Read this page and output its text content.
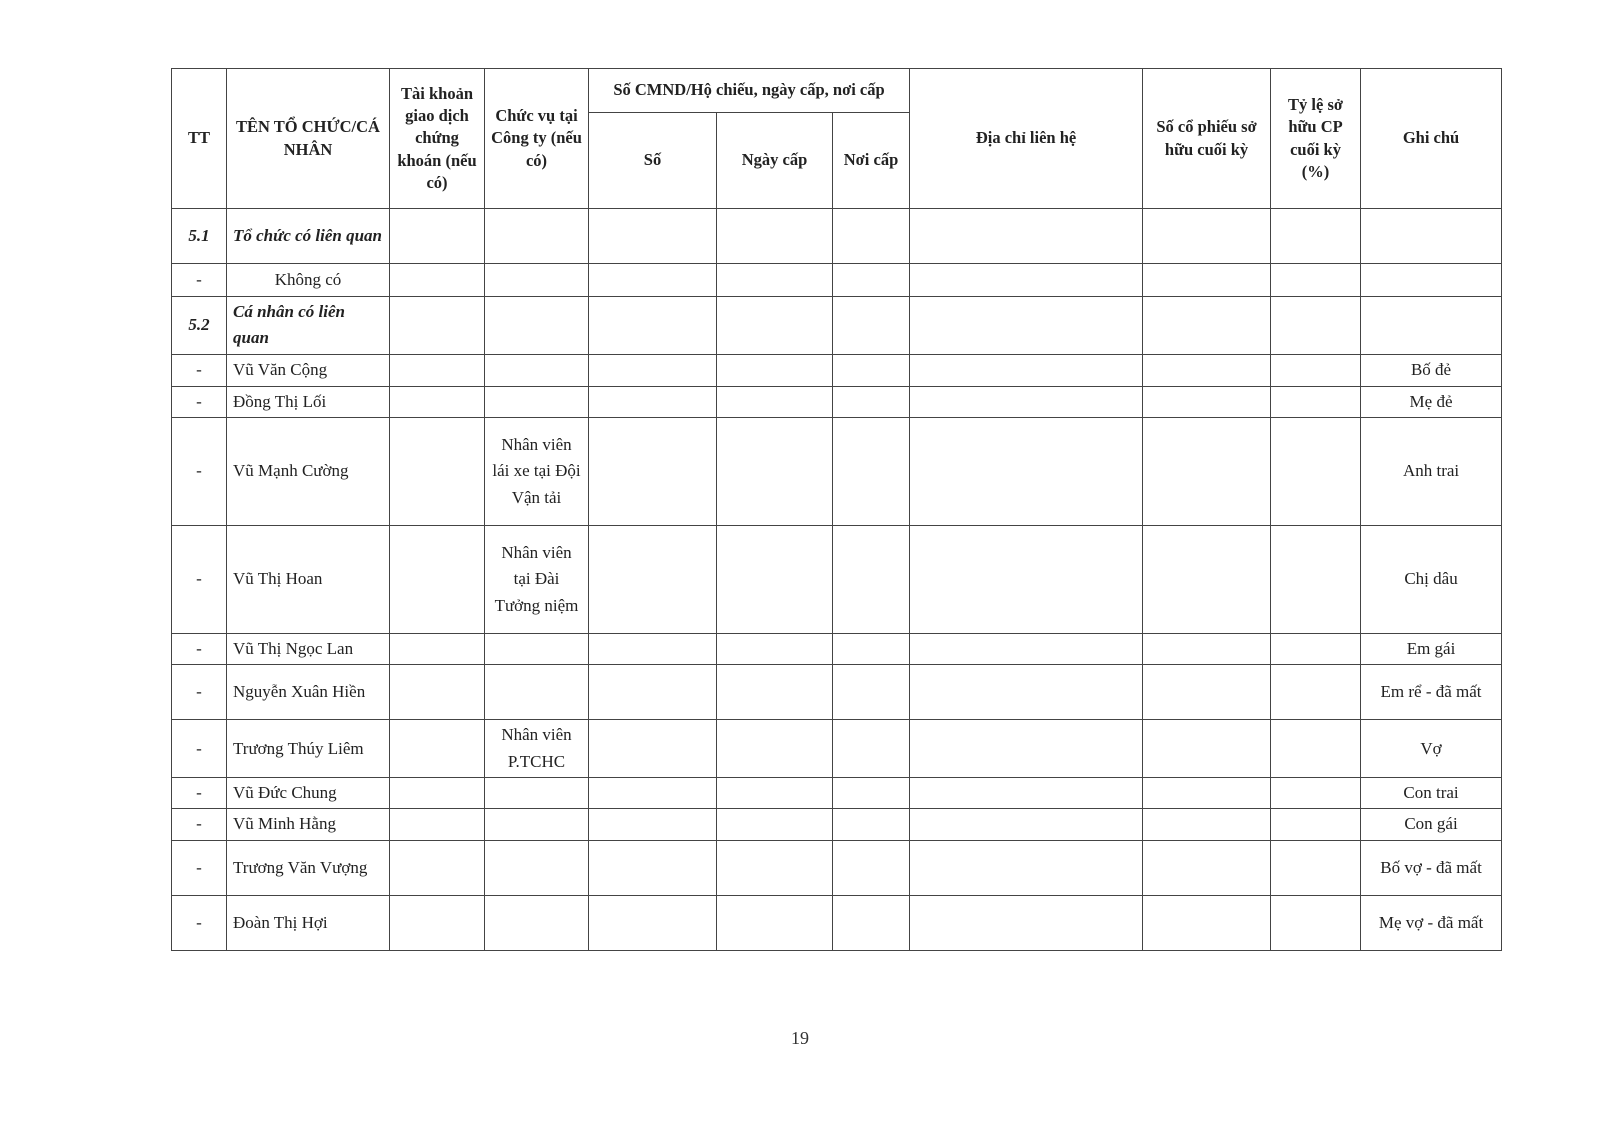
TT	TÊN TỔ CHỨC/CÁ NHÂN	Tài khoản giao dịch chứng khoán (nếu có)	Chức vụ tại Công ty (nếu có)	Số CMND/Hộ chiếu, ngày cấp, nơi cấp			Địa chỉ liên hệ	Số cổ phiếu sở hữu cuối kỳ	Tỷ lệ sở hữu CP cuối kỳ (%)	Ghi chú
				Số	Ngày cấp	Nơi cấp				
5.1	Tổ chức có liên quan									
-	Không có									
5.2	Cá nhân có liên quan									
-	Vũ Văn Cộng									Bố đẻ
-	Đồng Thị Lối									Mẹ đẻ
-	Vũ Mạnh Cường		Nhân viên lái xe tại Đội Vận tải							Anh trai
-	Vũ Thị Hoan		Nhân viên tại Đài Tưởng niệm							Chị dâu
-	Vũ Thị Ngọc Lan									Em gái
-	Nguyễn Xuân Hiền									Em rể - đã mất
-	Trương Thúy Liêm		Nhân viên P.TCHC							Vợ
-	Vũ Đức Chung									Con trai
-	Vũ Minh Hằng									Con gái
-	Trương Văn Vượng									Bố vợ - đã mất
-	Đoàn Thị Hợi									Mẹ vợ - đã mất
19
